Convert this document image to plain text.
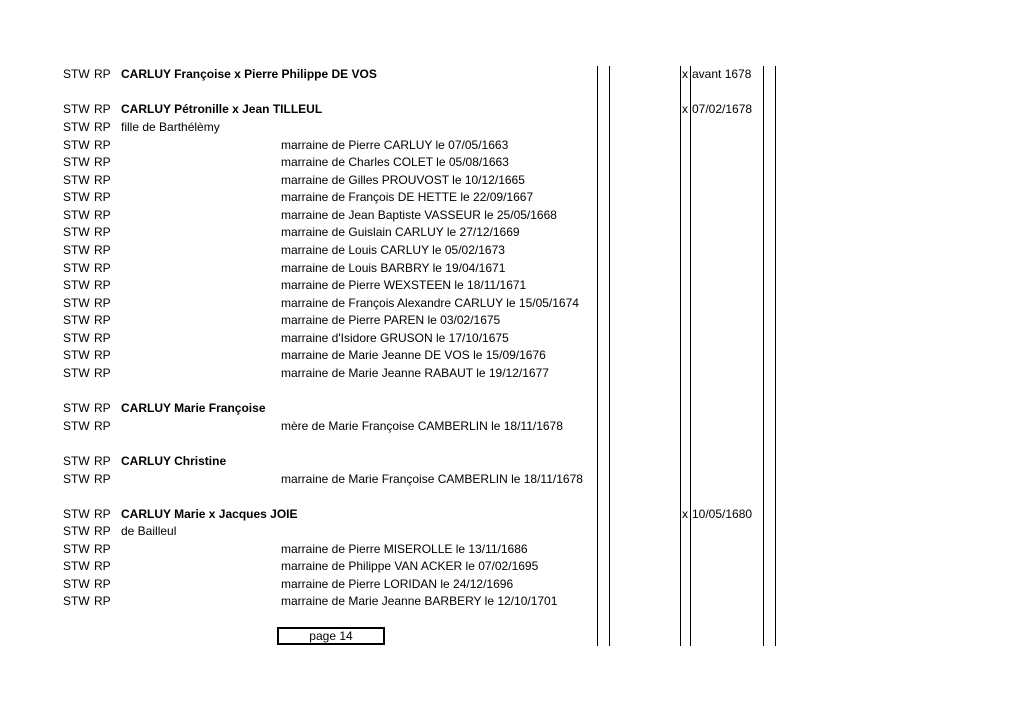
STW RP CARLUY Françoise x Pierre Philippe DE VOS	x avant 1678
STW RP CARLUY Pétronille x Jean TILLEUL	x 07/02/1678
STW RP fille de Barthélèmy
STW RP	marraine de Pierre CARLUY le 07/05/1663
STW RP	marraine de Charles COLET le 05/08/1663
STW RP	marraine de Gilles PROUVOST le 10/12/1665
STW RP	marraine de François DE HETTE le 22/09/1667
STW RP	marraine de Jean Baptiste VASSEUR le 25/05/1668
STW RP	marraine de Guislain CARLUY le 27/12/1669
STW RP	marraine de Louis CARLUY le 05/02/1673
STW RP	marraine de Louis BARBRY le 19/04/1671
STW RP	marraine de Pierre WEXSTEEN le 18/11/1671
STW RP	marraine de François Alexandre CARLUY le 15/05/1674
STW RP	marraine de Pierre PAREN le 03/02/1675
STW RP	marraine d'Isidore GRUSON le 17/10/1675
STW RP	marraine de Marie Jeanne DE VOS le 15/09/1676
STW RP	marraine de Marie Jeanne RABAUT le 19/12/1677
STW RP CARLUY Marie Françoise
STW RP	mère de Marie Françoise CAMBERLIN le 18/11/1678
STW RP CARLUY Christine
STW RP	marraine de Marie Françoise CAMBERLIN le 18/11/1678
STW RP CARLUY Marie x Jacques JOIE	x 10/05/1680
STW RP de Bailleul
STW RP	marraine de Pierre MISEROLLE le 13/11/1686
STW RP	marraine de Philippe VAN ACKER le 07/02/1695
STW RP	marraine de Pierre LORIDAN le 24/12/1696
STW RP	marraine de Marie Jeanne BARBERY le 12/10/1701
page 14
